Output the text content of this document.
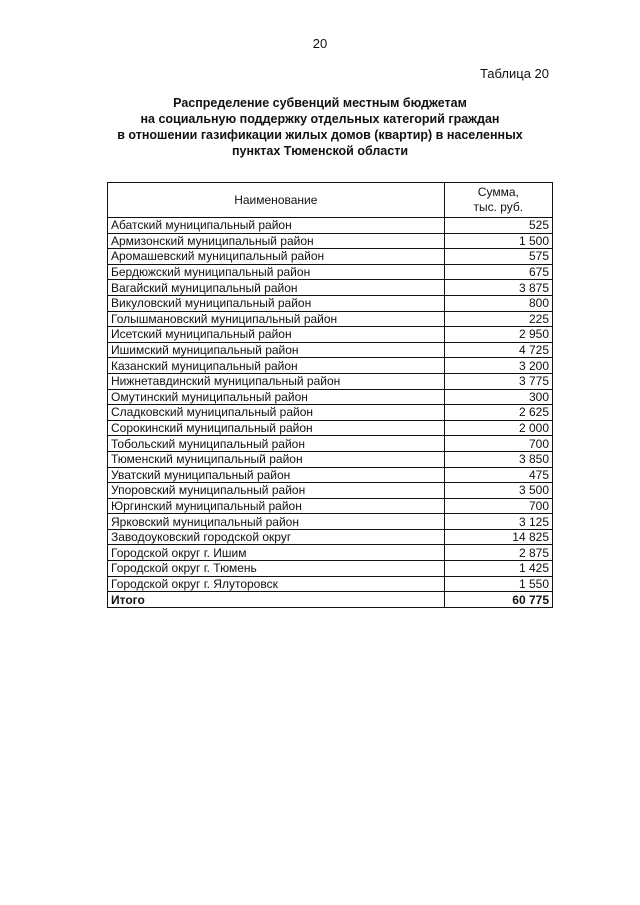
20
Таблица 20
Распределение субвенций местным бюджетам
на социальную поддержку отдельных категорий граждан
в отношении газификации жилых домов (квартир) в населенных
пунктах Тюменской области
Наименование	Сумма,
тыс. руб.

Абатский муниципальный район	525
Армизонский муниципальный район	1 500
Аромашевский муниципальный район	575
Бердюжский муниципальный район	675
Вагайский муниципальный район	3 875
Викуловский муниципальный район	800
Голышмановский муниципальный район	225
Исетский муниципальный район	2 950
Ишимский муниципальный район	4 725
Казанский муниципальный район	3 200
Нижнетавдинский муниципальный район	3 775
Омутинский муниципальный район	300
Сладковский муниципальный район	2 625
Сорокинский муниципальный район	2 000
Тобольский муниципальный район	700
Тюменский муниципальный район	3 850
Уватский муниципальный район	475
Упоровский муниципальный район	3 500
Юргинский муниципальный район	700
Ярковский муниципальный район	3 125
Заводоуковский городской округ	14 825
Городской округ г. Ишим	2 875
Городской округ г. Тюмень	1 425
Городской округ г. Ялуторовск	1 550
Итого	60 775
